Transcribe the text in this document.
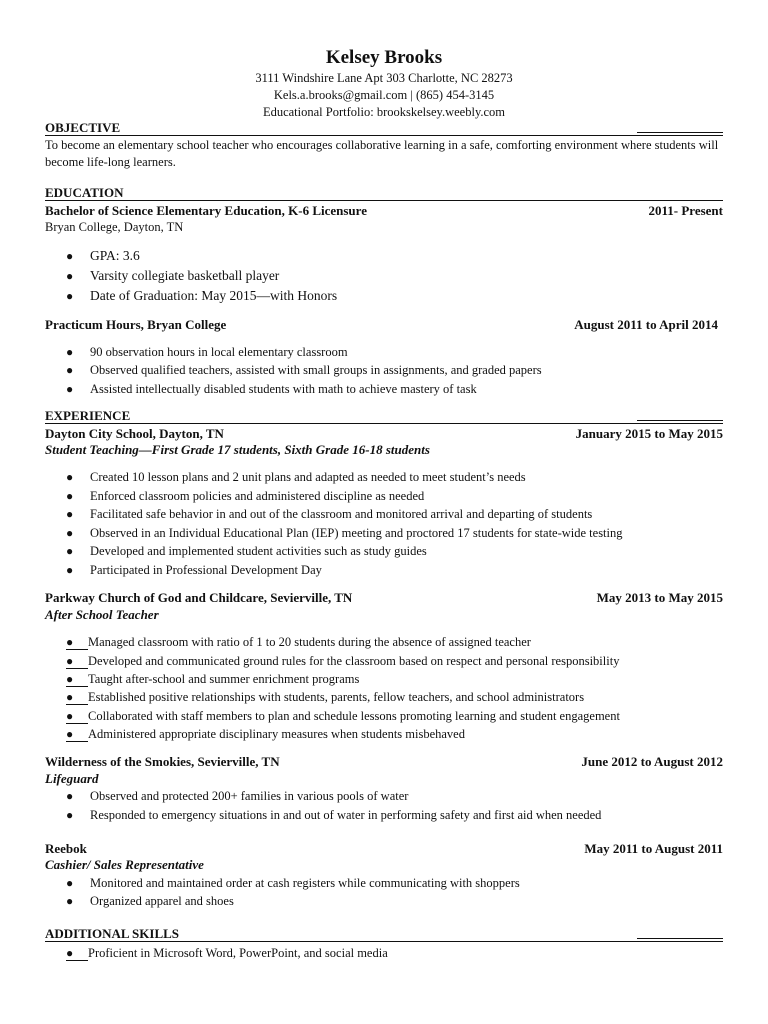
Kelsey Brooks
3111 Windshire Lane Apt 303 Charlotte, NC 28273
Kels.a.brooks@gmail.com | (865) 454-3145
Educational Portfolio: brookskelsey.weebly.com
OBJECTIVE
To become an elementary school teacher who encourages collaborative learning in a safe, comforting environment where students will become life-long learners.
EDUCATION
Bachelor of Science Elementary Education, K-6 Licensure	2011- Present
Bryan College, Dayton, TN
● GPA: 3.6
● Varsity collegiate basketball player
● Date of Graduation: May 2015—with Honors
Practicum Hours, Bryan College	August 2011 to April 2014
● 90 observation hours in local elementary classroom
● Observed qualified teachers, assisted with small groups in assignments, and graded papers
● Assisted intellectually disabled students with math to achieve mastery of task
EXPERIENCE
Dayton City School, Dayton, TN	January 2015 to May 2015
Student Teaching—First Grade 17 students, Sixth Grade 16-18 students
● Created 10 lesson plans and 2 unit plans and adapted as needed to meet student’s needs
● Enforced classroom policies and administered discipline as needed
● Facilitated safe behavior in and out of the classroom and monitored arrival and departing of students
● Observed in an Individual Educational Plan (IEP) meeting and proctored 17 students for state-wide testing
● Developed and implemented student activities such as study guides
● Participated in Professional Development Day
Parkway Church of God and Childcare, Sevierville, TN	May 2013 to May 2015
After School Teacher
● Managed classroom with ratio of 1 to 20 students during the absence of assigned teacher
● Developed and communicated ground rules for the classroom based on respect and personal responsibility
● Taught after-school and summer enrichment programs
● Established positive relationships with students, parents, fellow teachers, and school administrators
● Collaborated with staff members to plan and schedule lessons promoting learning and student engagement
● Administered appropriate disciplinary measures when students misbehaved
Wilderness of the Smokies, Sevierville, TN	June 2012 to August 2012
Lifeguard
● Observed and protected 200+ families in various pools of water
● Responded to emergency situations in and out of water in performing safety and first aid when needed
Reebok	May 2011 to August 2011
Cashier/ Sales Representative
● Monitored and maintained order at cash registers while communicating with shoppers
● Organized apparel and shoes
ADDITIONAL SKILLS
● Proficient in Microsoft Word, PowerPoint, and social media
